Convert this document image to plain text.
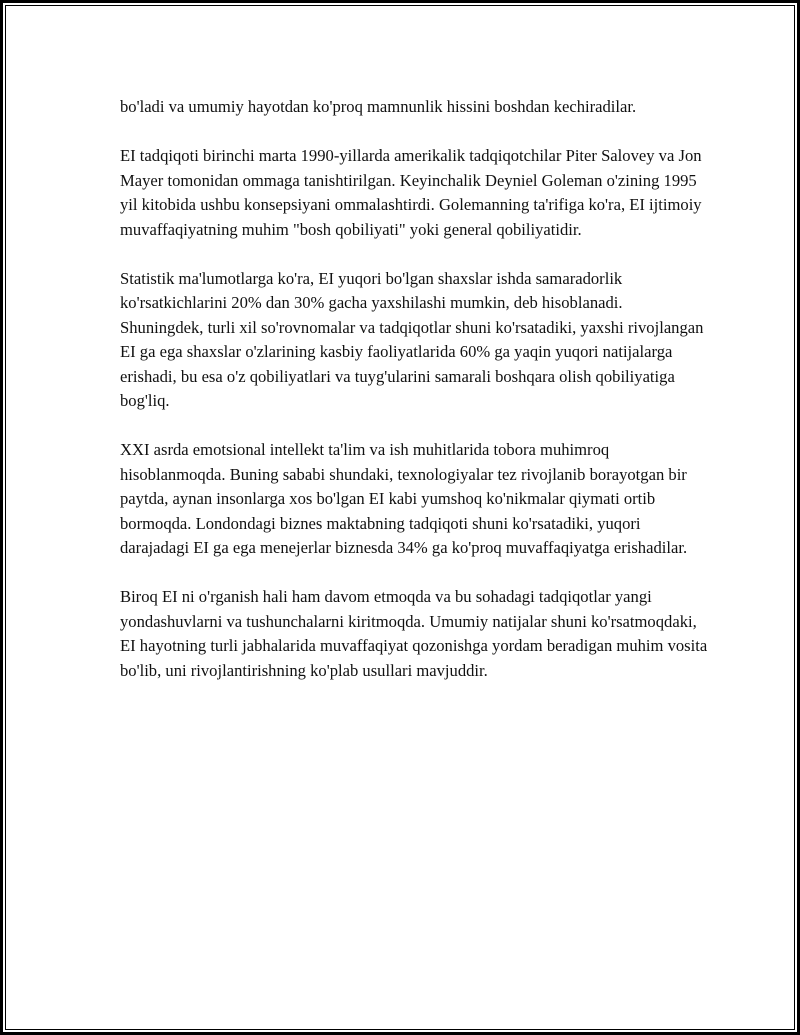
bo'ladi va umumiy hayotdan ko'proq mamnunlik hissini boshdan kechiradilar.

EI tadqiqoti birinchi marta 1990-yillarda amerikalik tadqiqotchilar Piter Salovey va Jon Mayer tomonidan ommaga tanishtirilgan. Keyinchalik Deyniel Goleman o'zining 1995 yil kitobida ushbu konsepsiyani ommalashtirdi. Golemanning ta'rifiga ko'ra, EI ijtimoiy muvaffaqiyatning muhim "bosh qobiliyati" yoki general qobiliyatidir.

Statistik ma'lumotlarga ko'ra, EI yuqori bo'lgan shaxslar ishda samaradorlik ko'rsatkichlarini 20% dan 30% gacha yaxshilashi mumkin, deb hisoblanadi. Shuningdek, turli xil so'rovnomalar va tadqiqotlar shuni ko'rsatadiki, yaxshi rivojlangan EI ga ega shaxslar o'zlarining kasbiy faoliyatlarida 60% ga yaqin yuqori natijalarga erishadi, bu esa o'z qobiliyatlari va tuyg'ularini samarali boshqara olish qobiliyatiga bog'liq.

XXI asrda emotsional intellekt ta'lim va ish muhitlarida tobora muhimroq hisoblanmoqda. Buning sababi shundaki, texnologiyalar tez rivojlanib borayotgan bir paytda, aynan insonlarga xos bo'lgan EI kabi yumshoq ko'nikmalar qiymati ortib bormoqda. Londondagi biznes maktabning tadqiqoti shuni ko'rsatadiki, yuqori darajadagi EI ga ega menejerlar biznesda 34% ga ko'proq muvaffaqiyatga erishadilar.

Biroq EI ni o'rganish hali ham davom etmoqda va bu sohadagi tadqiqotlar yangi yondashuvlarni va tushunchalarni kiritmoqda. Umumiy natijalar shuni ko'rsatmoqdaki, EI hayotning turli jabhalarida muvaffaqiyat qozonishga yordam beradigan muhim vosita bo'lib, uni rivojlantirishning ko'plab usullari mavjuddir.
